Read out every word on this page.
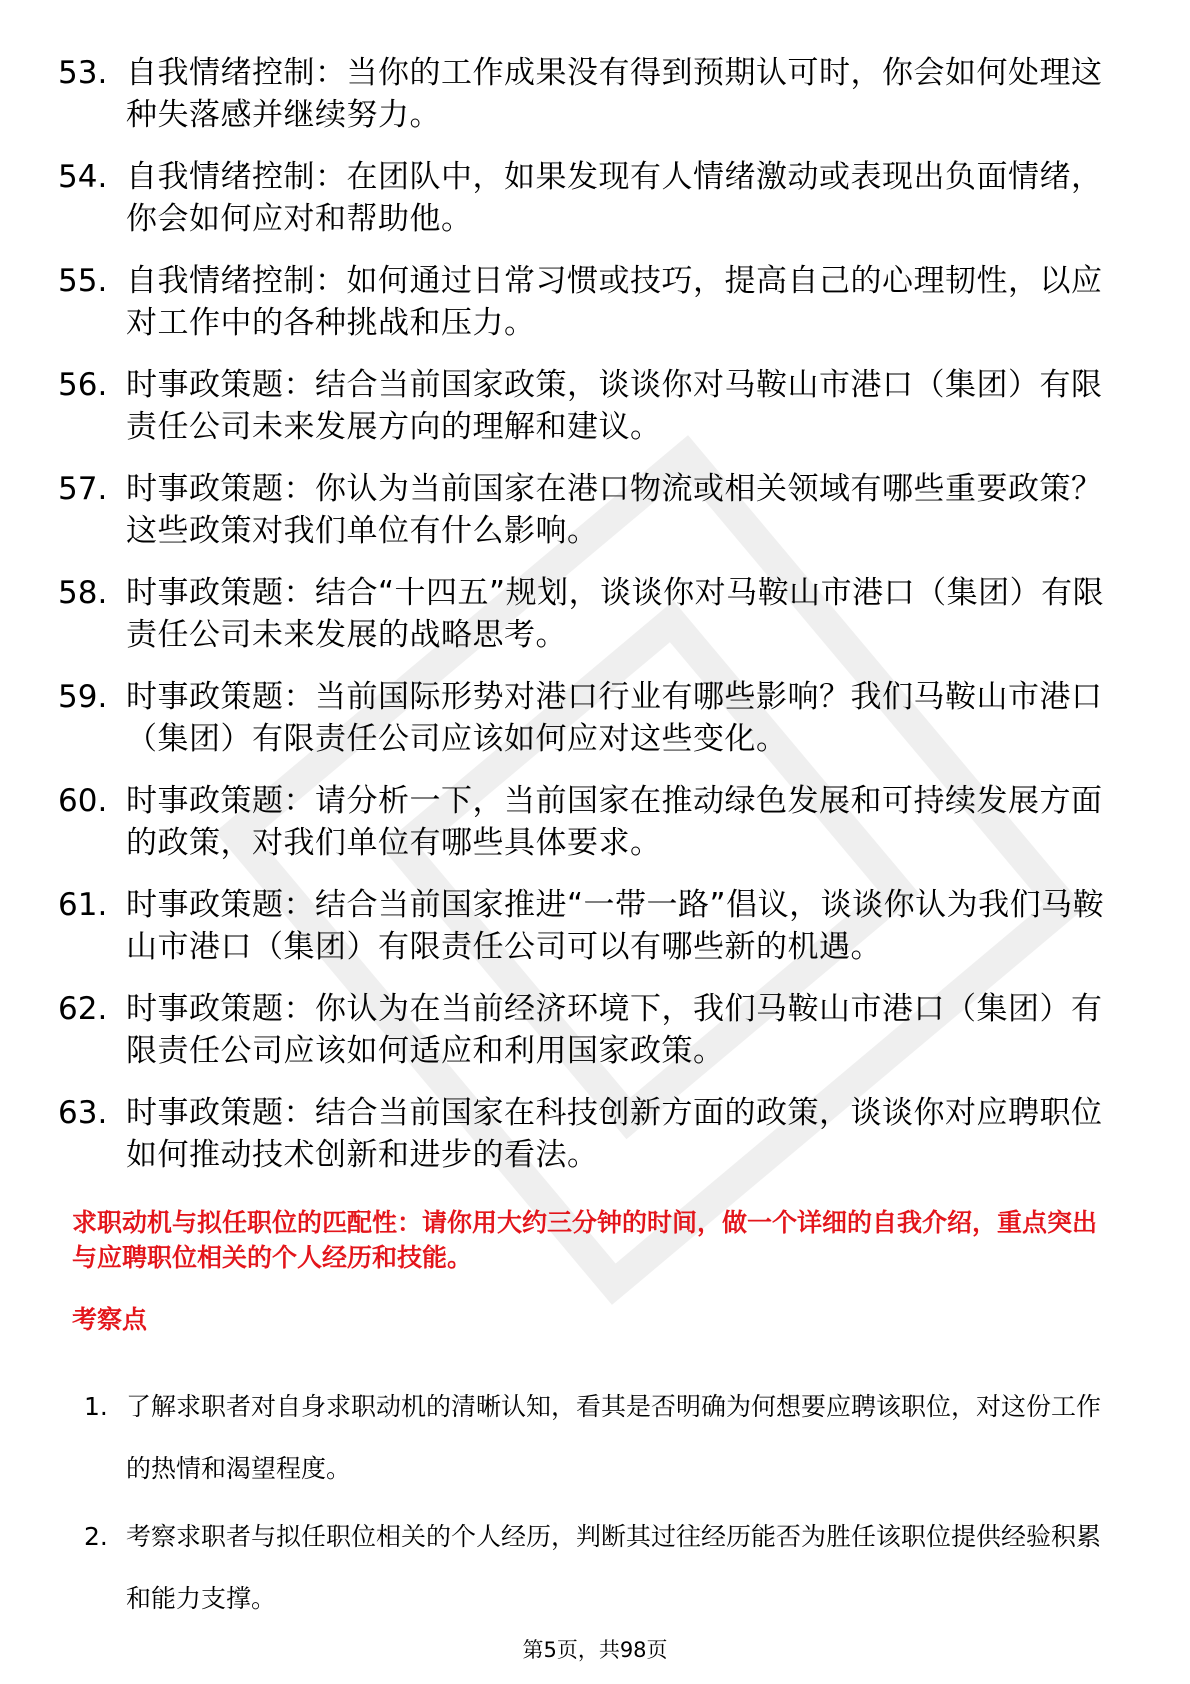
53. 自我情绪控制：当你的工作成果没有得到预期认可时，你会如何处理这种失落感并继续努力。
54. 自我情绪控制：在团队中，如果发现有人情绪激动或表现出负面情绪，你会如何应对和帮助他。
55. 自我情绪控制：如何通过日常习惯或技巧，提高自己的心理韧性，以应对工作中的各种挑战和压力。
56. 时事政策题：结合当前国家政策，谈谈你对马鞍山市港口（集团）有限责任公司未来发展方向的理解和建议。
57. 时事政策题：你认为当前国家在港口物流或相关领域有哪些重要政策？这些政策对我们单位有什么影响。
58. 时事政策题：结合“十四五”规划，谈谈你对马鞍山市港口（集团）有限责任公司未来发展的战略思考。
59. 时事政策题：当前国际形势对港口行业有哪些影响？我们马鞍山市港口（集团）有限责任公司应该如何应对这些变化。
60. 时事政策题：请分析一下，当前国家在推动绿色发展和可持续发展方面的政策，对我们单位有哪些具体要求。
61. 时事政策题：结合当前国家推进“一带一路”倡议，谈谈你认为我们马鞍山市港口（集团）有限责任公司可以有哪些新的机遇。
62. 时事政策题：你认为在当前经济环境下，我们马鞍山市港口（集团）有限责任公司应该如何适应和利用国家政策。
63. 时事政策题：结合当前国家在科技创新方面的政策，谈谈你对应聘职位如何推动技术创新和进步的看法。
求职动机与拟任职位的匹配性：请你用大约三分钟的时间，做一个详细的自我介绍，重点突出与应聘职位相关的个人经历和技能。
考察点
1. 了解求职者对自身求职动机的清晰认知，看其是否明确为何想要应聘该职位，对这份工作的热情和渴望程度。
2. 考察求职者与拟任职位相关的个人经历，判断其过往经历能否为胜任该职位提供经验积累和能力支撑。
第5页，共98页
